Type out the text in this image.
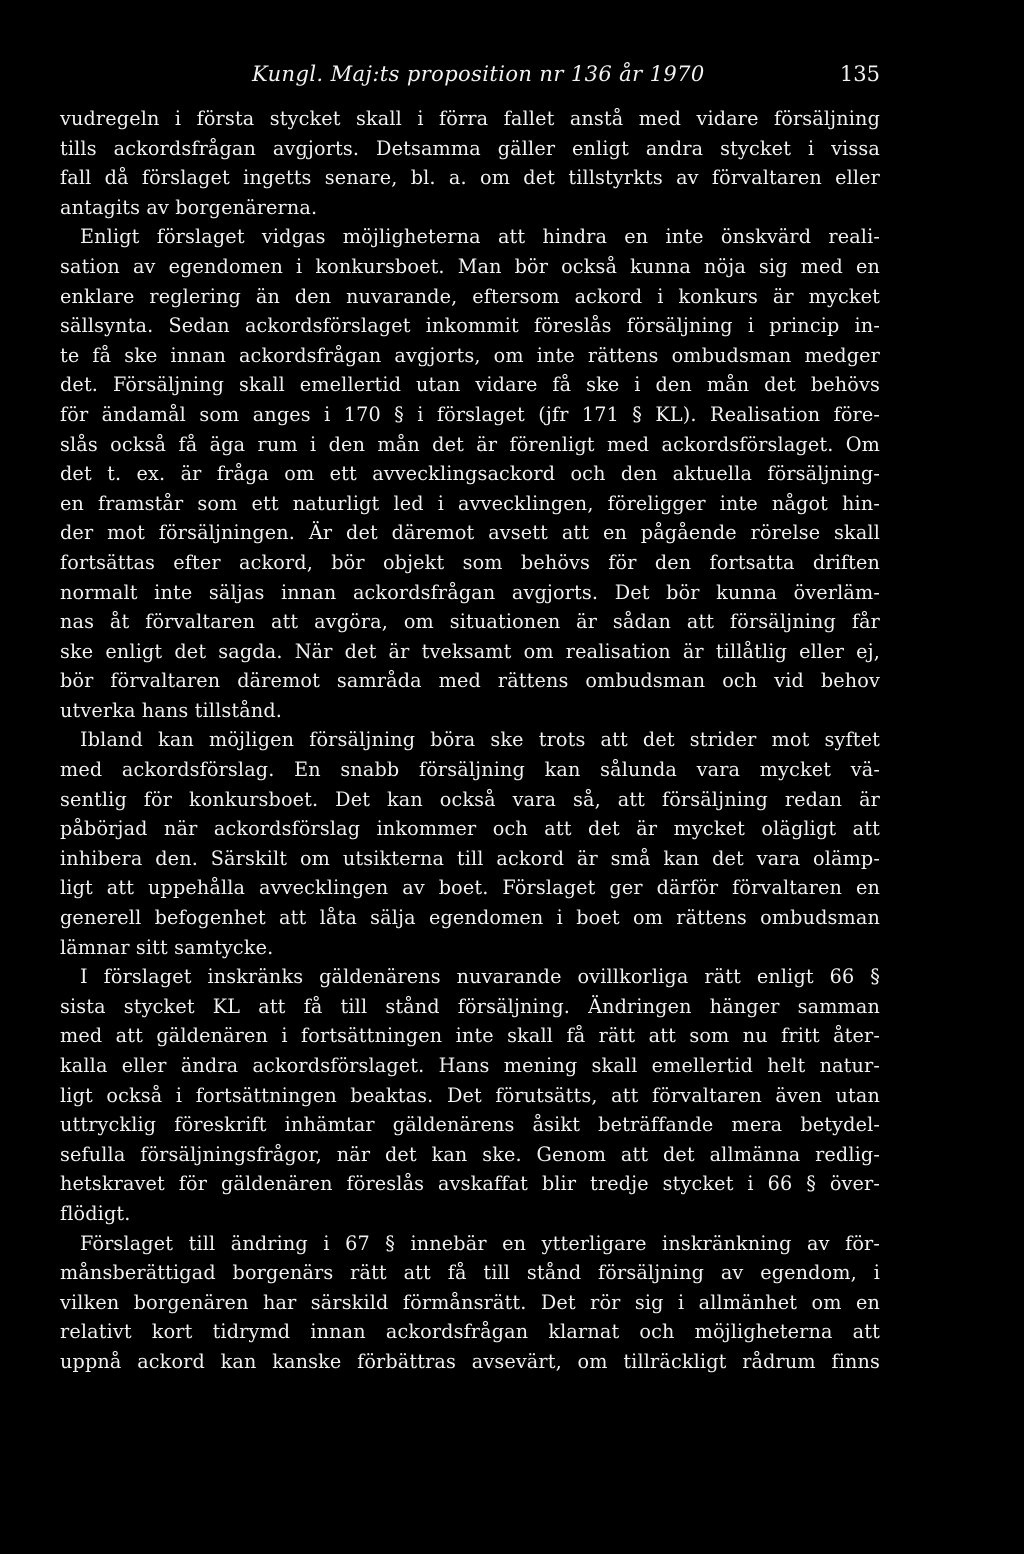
Kungl. Maj:ts proposition nr 136 år 1970	135
vudregeln i första stycket skall i förra fallet anstå med vidare försäljning
tills ackordsfrågan avgjorts. Detsamma gäller enligt andra stycket i vissa
fall då förslaget ingetts senare, bl. a. om det tillstyrkts av förvaltaren eller
antagits av borgenärerna.
Enligt förslaget vidgas möjligheterna att hindra en inte önskvärd reali-
sation av egendomen i konkursboet. Man bör också kunna nöja sig med en
enklare reglering än den nuvarande, eftersom ackord i konkurs är mycket
sällsynta. Sedan ackordsförslaget inkommit föreslås försäljning i princip in-
te få ske innan ackordsfrågan avgjorts, om inte rättens ombudsman medger
det. Försäljning skall emellertid utan vidare få ske i den mån det behövs
för ändamål som anges i 170 § i förslaget (jfr 171 § KL). Realisation före-
slås också få äga rum i den mån det är förenligt med ackordsförslaget. Om
det t. ex. är fråga om ett avvecklingsackord och den aktuella försäljning-
en framstår som ett naturligt led i avvecklingen, föreligger inte något hin-
der mot försäljningen. Är det däremot avsett att en pågående rörelse skall
fortsättas efter ackord, bör objekt som behövs för den fortsatta driften
normalt inte säljas innan ackordsfrågan avgjorts. Det bör kunna överläm-
nas åt förvaltaren att avgöra, om situationen är sådan att försäljning får
ske enligt det sagda. När det är tveksamt om realisation är tillåtlig eller ej,
bör förvaltaren däremot samråda med rättens ombudsman och vid behov
utverka hans tillstånd.
Ibland kan möjligen försäljning böra ske trots att det strider mot syftet
med ackordsförslag. En snabb försäljning kan sålunda vara mycket vä-
sentlig för konkursboet. Det kan också vara så, att försäljning redan är
påbörjad när ackordsförslag inkommer och att det är mycket olägligt att
inhibera den. Särskilt om utsikterna till ackord är små kan det vara olämp-
ligt att uppehålla avvecklingen av boet. Förslaget ger därför förvaltaren en
generell befogenhet att låta sälja egendomen i boet om rättens ombudsman
lämnar sitt samtycke.
I förslaget inskränks gäldenärens nuvarande ovillkorliga rätt enligt 66 §
sista stycket KL att få till stånd försäljning. Ändringen hänger samman
med att gäldenären i fortsättningen inte skall få rätt att som nu fritt åter-
kalla eller ändra ackordsförslaget. Hans mening skall emellertid helt natur-
ligt också i fortsättningen beaktas. Det förutsätts, att förvaltaren även utan
uttrycklig föreskrift inhämtar gäldenärens åsikt beträffande mera betydel-
sefulla försäljningsfrågor, när det kan ske. Genom att det allmänna redlig-
hetskravet för gäldenären föreslås avskaffat blir tredje stycket i 66 § över-
flödigt.
Förslaget till ändring i 67 § innebär en ytterligare inskränkning av för-
månsberättigad borgenärs rätt att få till stånd försäljning av egendom, i
vilken borgenären har särskild förmånsrätt. Det rör sig i allmänhet om en
relativt kort tidrymd innan ackordsfrågan klarnat och möjligheterna att
uppnå ackord kan kanske förbättras avsevärt, om tillräckligt rådrum finns
